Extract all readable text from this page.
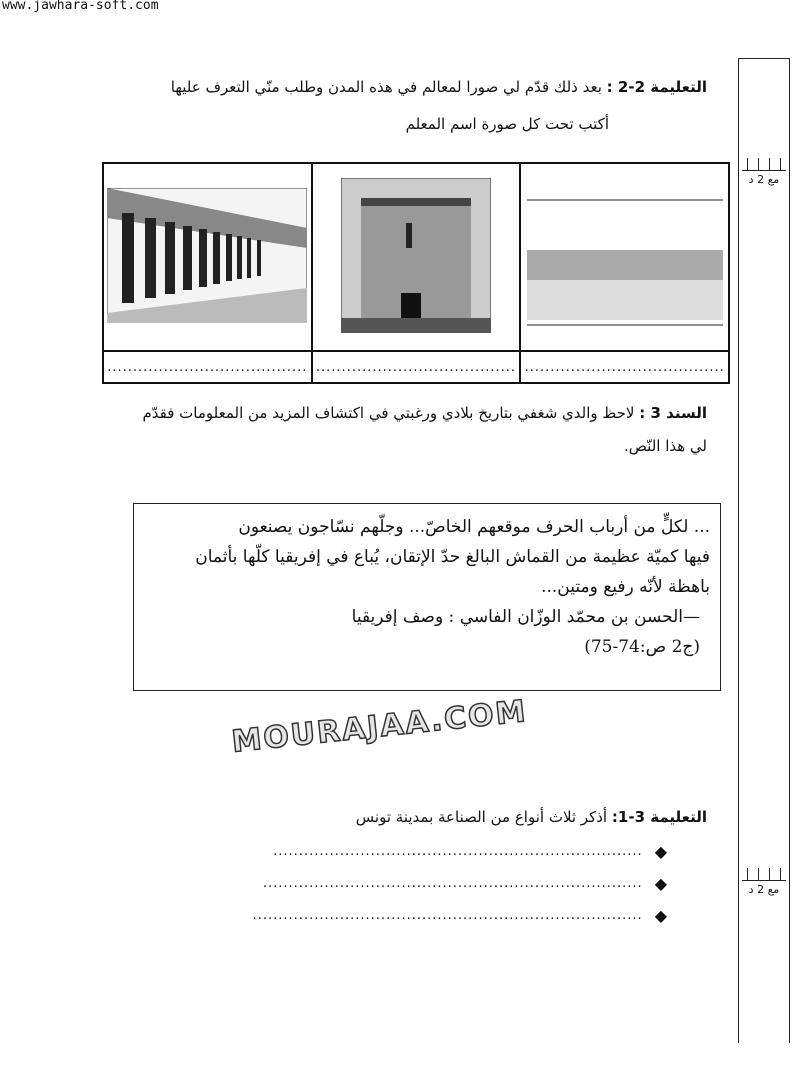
www.jawhara-soft.com
مع 2 د
مع 2 د
التعليمة 2-2 : بعد ذلك قدّم لي صورا لمعالم في هذه المدن وطلب منّي التعرف عليها
أكتب تحت كل صورة اسم المعلم

.......................................	.......................................	.......................................
MOURAJAA.COM
السند 3 : لاحظ والدي شغفي بتاريخ بلادي ورغبتي في اكتشاف المزيد من المعلومات فقدّم
لي هذا النّص.

... لكلٍّ من أرباب الحرف موقعهم الخاصّ... وجلّهم نسّاجون يصنعون

فيها كميّة عظيمة من القماش البالغ حدّ الإتقان، يُباع في إفريقيا كلّها بأثمان

باهظة لأنّه رفيع ومتين...

—الحسن بن محمّد الوزّان الفاسي : وصف إفريقيا

(ج2 ص:74-75)

التعليمة 3-1: أذكر ثلاث أنواع من الصناعة بمدينة تونس
◆
........................................................................
◆
..........................................................................
◆
............................................................................
